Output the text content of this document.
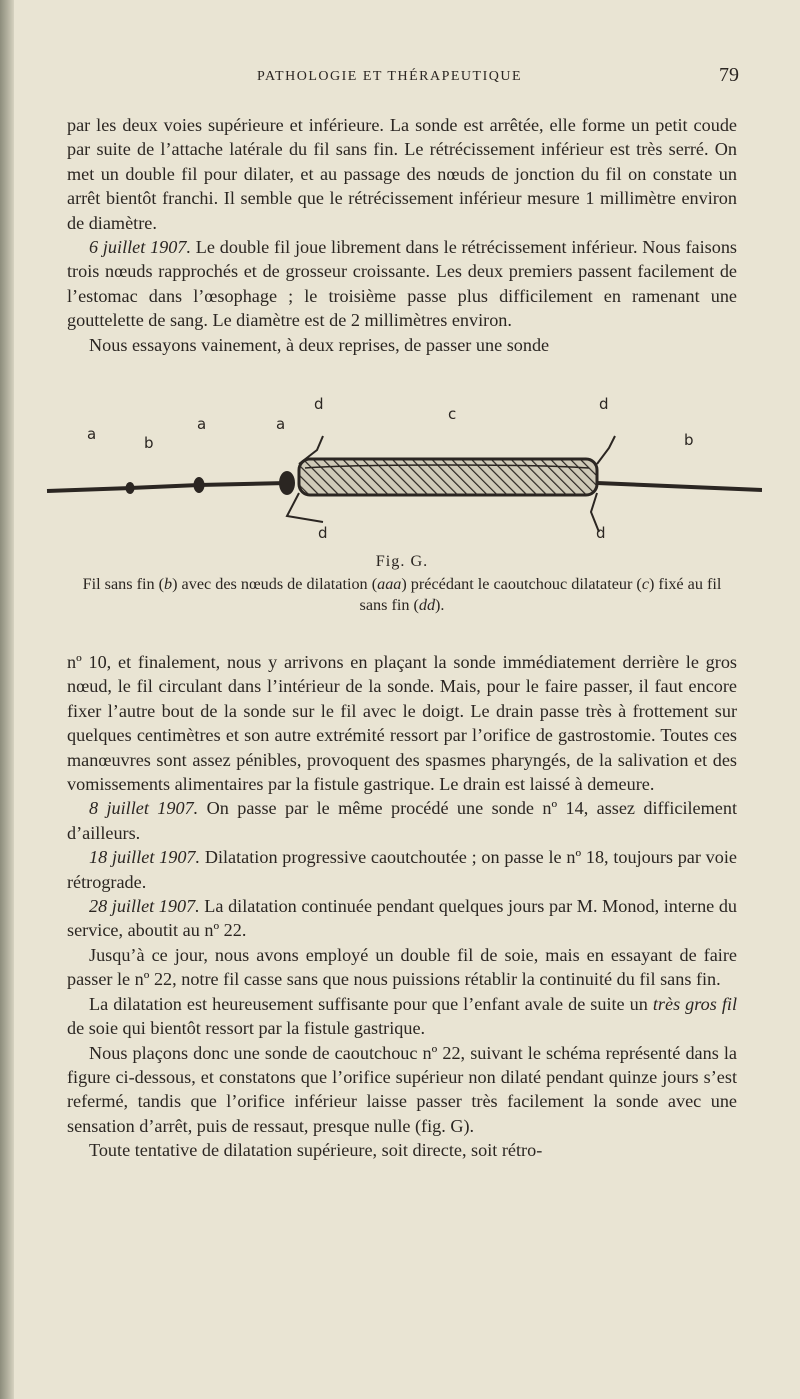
PATHOLOGIE ET THÉRAPEUTIQUE	79

par les deux voies supérieure et inférieure. La sonde est arrêtée, elle forme un petit coude par suite de l’attache latérale du fil sans fin. Le rétrécissement inférieur est très serré. On met un double fil pour dilater, et au passage des nœuds de jonction du fil on constate un arrêt bientôt franchi. Il semble que le rétrécissement inférieur mesure 1 millimètre environ de diamètre.

6 juillet 1907. Le double fil joue librement dans le rétrécissement inférieur. Nous faisons trois nœuds rapprochés et de grosseur croissante. Les deux premiers passent facilement de l’estomac dans l’œsophage ; le troisième passe plus difficilement en ramenant une gouttelette de sang. Le diamètre est de 2 millimètres environ.

Nous essayons vainement, à deux reprises, de passer une sonde

a	b
a	a
d
c
d
b
d	d
Fig. G.
Fil sans fin (b) avec des nœuds de dilatation (aaa) précédant le caoutchouc dilatateur (c) fixé au fil sans fin (dd).

nº 10, et finalement, nous y arrivons en plaçant la sonde immédiatement derrière le gros nœud, le fil circulant dans l’intérieur de la sonde. Mais, pour le faire passer, il faut encore fixer l’autre bout de la sonde sur le fil avec le doigt. Le drain passe très à frottement sur quelques centimètres et son autre extrémité ressort par l’orifice de gastrostomie. Toutes ces manœuvres sont assez pénibles, provoquent des spasmes pharyngés, de la salivation et des vomissements alimentaires par la fistule gastrique. Le drain est laissé à demeure.

8 juillet 1907. On passe par le même procédé une sonde nº 14, assez difficilement d’ailleurs.

18 juillet 1907. Dilatation progressive caoutchoutée ; on passe le nº 18, toujours par voie rétrograde.

28 juillet 1907. La dilatation continuée pendant quelques jours par M. Monod, interne du service, aboutit au nº 22.

Jusqu’à ce jour, nous avons employé un double fil de soie, mais en essayant de faire passer le nº 22, notre fil casse sans que nous puissions rétablir la continuité du fil sans fin.

La dilatation est heureusement suffisante pour que l’enfant avale de suite un très gros fil de soie qui bientôt ressort par la fistule gastrique.

Nous plaçons donc une sonde de caoutchouc nº 22, suivant le schéma représenté dans la figure ci-dessous, et constatons que l’orifice supérieur non dilaté pendant quinze jours s’est refermé, tandis que l’orifice inférieur laisse passer très facilement la sonde avec une sensation d’arrêt, puis de ressaut, presque nulle (fig. G).

Toute tentative de dilatation supérieure, soit directe, soit rétro-
